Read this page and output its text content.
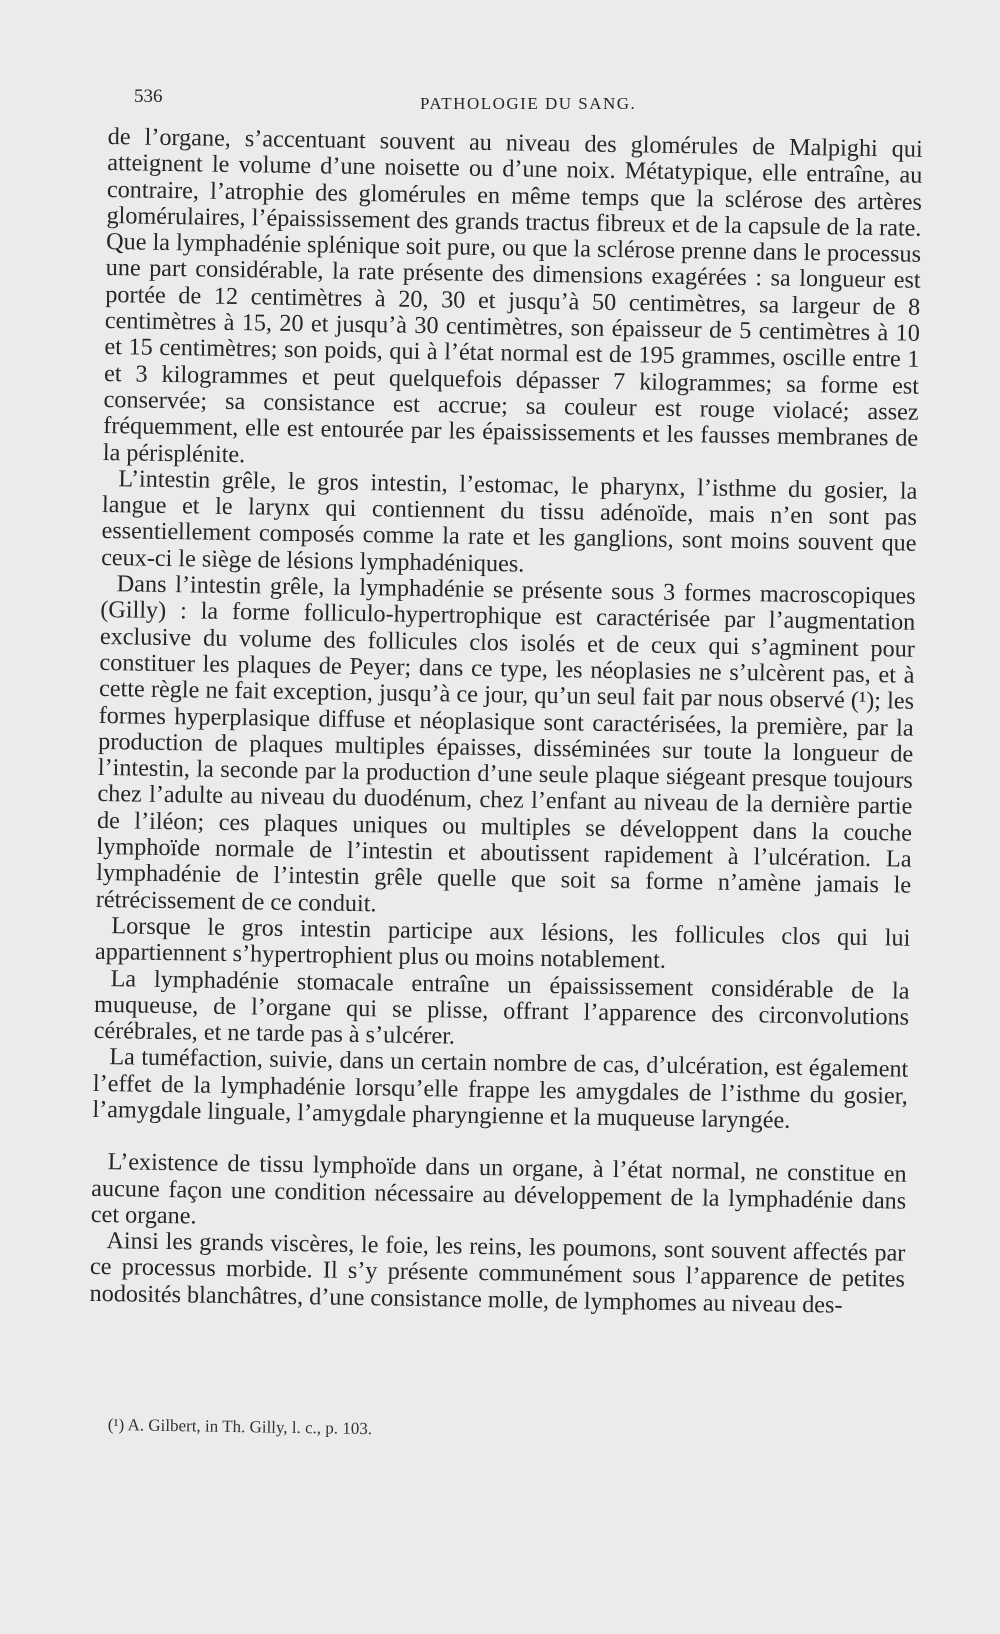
536	PATHOLOGIE DU SANG.

de l’organe, s’accentuant souvent au niveau des glomérules de Malpighi qui atteignent le volume d’une noisette ou d’une noix. Métatypique, elle entraîne, au contraire, l’atrophie des glomérules en même temps que la sclérose des artères glomérulaires, l’épaississement des grands tractus fibreux et de la capsule de la rate. Que la lymphadénie splénique soit pure, ou que la sclérose prenne dans le processus une part considérable, la rate présente des dimensions exagérées : sa longueur est portée de 12 centimètres à 20, 30 et jusqu’à 50 centimètres, sa largeur de 8 centimètres à 15, 20 et jusqu’à 30 centimètres, son épaisseur de 5 centimètres à 10 et 15 centimètres; son poids, qui à l’état normal est de 195 grammes, oscille entre 1 et 3 kilogrammes et peut quelquefois dépasser 7 kilogrammes; sa forme est conservée; sa consistance est accrue; sa couleur est rouge violacé; assez fréquemment, elle est entourée par les épaississements et les fausses membranes de la périsplénite.

L’intestin grêle, le gros intestin, l’estomac, le pharynx, l’isthme du gosier, la langue et le larynx qui contiennent du tissu adénoïde, mais n’en sont pas essentiellement composés comme la rate et les ganglions, sont moins souvent que ceux-ci le siège de lésions lymphadéniques.

Dans l’intestin grêle, la lymphadénie se présente sous 3 formes macroscopiques (Gilly) : la forme folliculo-hypertrophique est caractérisée par l’augmentation exclusive du volume des follicules clos isolés et de ceux qui s’agminent pour constituer les plaques de Peyer; dans ce type, les néoplasies ne s’ulcèrent pas, et à cette règle ne fait exception, jusqu’à ce jour, qu’un seul fait par nous observé (¹); les formes hyperplasique diffuse et néoplasique sont caractérisées, la première, par la production de plaques multiples épaisses, disséminées sur toute la longueur de l’intestin, la seconde par la production d’une seule plaque siégeant presque toujours chez l’adulte au niveau du duodénum, chez l’enfant au niveau de la dernière partie de l’iléon; ces plaques uniques ou multiples se développent dans la couche lymphoïde normale de l’intestin et aboutissent rapidement à l’ulcération. La lymphadénie de l’intestin grêle quelle que soit sa forme n’amène jamais le rétrécissement de ce conduit.

Lorsque le gros intestin participe aux lésions, les follicules clos qui lui appartiennent s’hypertrophient plus ou moins notablement.

La lymphadénie stomacale entraîne un épaississement considérable de la muqueuse, de l’organe qui se plisse, offrant l’apparence des circonvolutions cérébrales, et ne tarde pas à s’ulcérer.

La tuméfaction, suivie, dans un certain nombre de cas, d’ulcération, est également l’effet de la lymphadénie lorsqu’elle frappe les amygdales de l’isthme du gosier, l’amygdale linguale, l’amygdale pharyngienne et la muqueuse laryngée.

L’existence de tissu lymphoïde dans un organe, à l’état normal, ne constitue en aucune façon une condition nécessaire au développement de la lymphadénie dans cet organe.

Ainsi les grands viscères, le foie, les reins, les poumons, sont souvent affectés par ce processus morbide. Il s’y présente communément sous l’apparence de petites nodosités blanchâtres, d’une consistance molle, de lymphomes au niveau des-

(¹) A. Gilbert, in Th. Gilly, l. c., p. 103.
